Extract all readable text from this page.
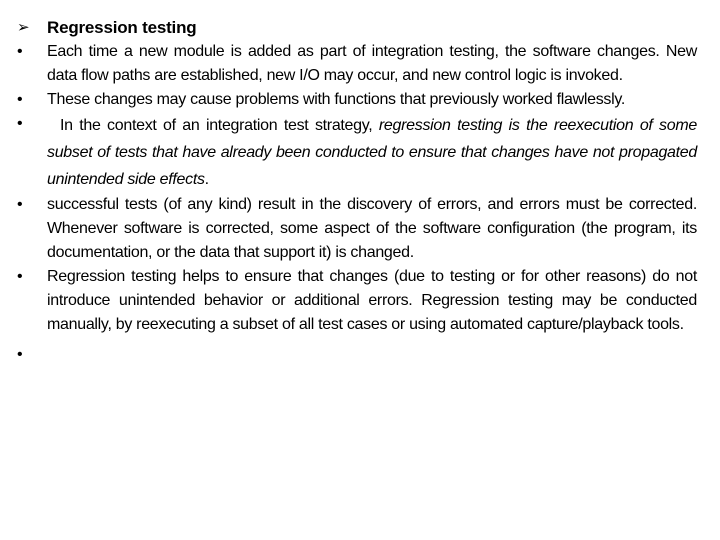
➢	Regression testing
•	Each time a new module is added as part of integration testing, the software changes. New data flow paths are established, new I/O may occur, and new control logic is invoked.
•	These changes may cause problems with functions that previously worked flawlessly.
•	In the context of an integration test strategy, regression testing is the reexecution of some subset of tests that have already been conducted to ensure that changes have not propagated unintended side effects.
•	successful tests (of any kind) result in the discovery of errors, and errors must be corrected. Whenever software is corrected, some aspect of the software configuration (the program, its documentation, or the data that support it) is changed.
•	Regression testing helps to ensure that changes (due to testing or for other reasons) do not introduce unintended behavior or additional errors. Regression testing may be conducted manually, by reexecuting a subset of all test cases or using automated capture/playback tools.
•
